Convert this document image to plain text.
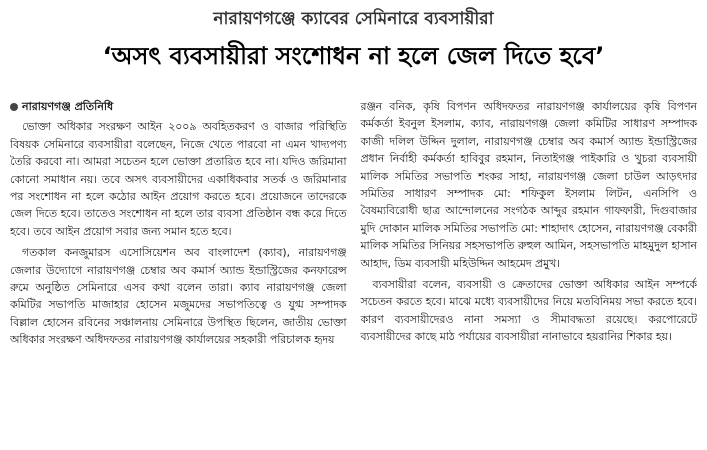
নারায়ণগঞ্জে ক্যাবের সেমিনারে ব্যবসায়ীরা
‘অসৎ ব্যবসায়ীরা সংশোধন না হলে জেল দিতে হবে’
নারায়ণগঞ্জ প্রতিনিধি

ভোক্তা অধিকার সংরক্ষণ আইন ২০০৯ অবহিতকরণ ও বাজার পরিস্থিতি বিষয়ক সেমিনারে ব্যবসায়ীরা বলেছেন, নিজে খেতে পারবো না এমন খাদ্যপণ্য তৈরি করবো না। আমরা সচেতন হলে ভোক্তা প্রতারিত হবে না। যদিও জরিমানা কোনো সমাধান নয়। তবে অসৎ ব্যবসায়ীদের একাধিকবার সতর্ক ও জরিমানার পর সংশোধন না হলে কঠোর আইন প্রয়োগ করতে হবে। প্রয়োজনে তাদেরকে জেল দিতে হবে। তাতেও সংশোধন না হলে তার ব্যবসা প্রতিষ্ঠান বন্ধ করে দিতে হবে। তবে আইন প্রয়োগ সবার জন্য সমান হতে হবে।

গতকাল কনজুমারস এসোসিয়েশন অব বাংলাদেশ (ক্যাব), নারায়ণগঞ্জ জেলার উদ্যোগে নারায়ণগঞ্জ চেম্বার অব কমার্স অ্যান্ড ইন্ডাস্ট্রিজের কনফারেন্স রুমে অনুষ্ঠিত সেমিনারে এসব কথা বলেন তারা। ক্যাব নারায়ণগঞ্জ জেলা কমিটির সভাপতি মাজাহার হোসেন মজুমদের সভাপতিত্বে ও যুগ্ম সম্পাদক বিল্লাল হোসেন রবিনের সঞ্চালনায় সেমিনারে উপস্থিত ছিলেন, জাতীয় ভোক্তা অধিকার সংরক্ষণ অধিদফতর নারায়ণগঞ্জ কার্যালয়ের সহকারী পরিচালক হৃদয়

রঞ্জন বনিক, কৃষি বিপণন অধিদফতর নারায়ণগঞ্জ কার্যালয়ের কৃষি বিপণন কর্মকর্তা ইবনুল ইসলাম, ক্যাব, নারায়ণগঞ্জ জেলা কমিটির সাধারণ সম্পাদক কাজী দলিল উদ্দিন দুলাল, নারায়ণগঞ্জ চেম্বার অব কমার্স অ্যান্ড ইন্ডাস্ট্রিজের প্রধান নির্বাহী কর্মকর্তা হাবিবুর রহমান, নিতাইগঞ্জ পাইকারি ও খুচরা ব্যবসায়ী মালিক সমিতির সভাপতি শংকর সাহা, নারায়ণগঞ্জ জেলা চাউল আড়ৎদার সমিতির সাধারণ সম্পাদক মো: শফিকুল ইসলাম লিটন, এনসিপি ও বৈষম্যবিরোধী ছাত্র আন্দোলনের সংগঠক আব্দুর রহমান গাফফারী, দিগুবাজার মুদি দোকান মালিক সমিতির সভাপতি মো: শাহাদাৎ হোসেন, নারায়ণগঞ্জ বেকারী মালিক সমিতির সিনিয়র সহসভাপতি রুহুল আমিন, সহসভাপতি মাহমুদুল হাসান আহাদ, ডিম ব্যবসায়ী মহিউদ্দিন আহমেদ প্রমুখ।

ব্যবসায়ীরা বলেন, ব্যবসায়ী ও ক্রেতাদের ভোক্তা অধিকার আইন সম্পর্কে সচেতন করতে হবে। মাঝে মধ্যে ব্যবসায়ীদের নিয়ে মতবিনিময় সভা করতে হবে। কারণ ব্যবসায়ীদেরও নানা সমস্যা ও সীমাবদ্ধতা রয়েছে। করপোরেটে ব্যবসায়ীদের কাছে মাঠ পর্যায়ের ব্যবসায়ীরা নানাভাবে হয়রানির শিকার হয়।
